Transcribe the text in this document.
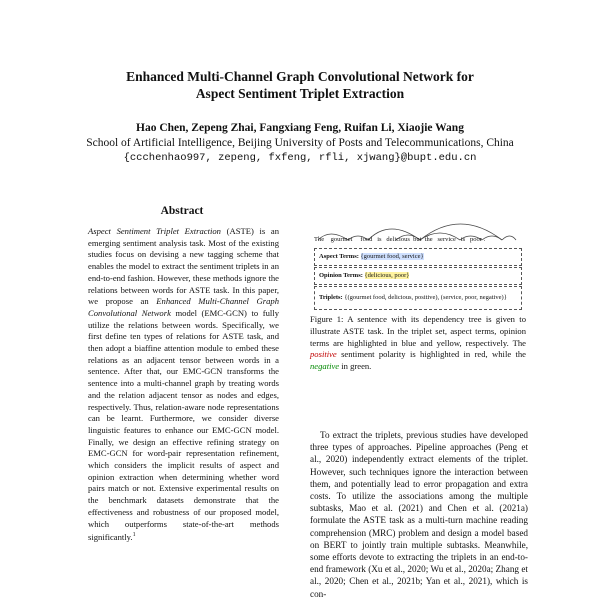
Enhanced Multi-Channel Graph Convolutional Network for
Aspect Sentiment Triplet Extraction
Hao Chen, Zepeng Zhai, Fangxiang Feng, Ruifan Li, Xiaojie Wang
School of Artificial Intelligence, Beijing University of Posts and Telecommunications, China
{ccchenhao997, zepeng, fxfeng, rfli, xjwang}@bupt.edu.cn
Abstract

Aspect Sentiment Triplet Extraction (ASTE) is an emerging sentiment analysis task. Most of the existing studies focus on devising a new tagging scheme that enables the model to extract the sentiment triplets in an end-to-end fashion. However, these methods ignore the relations between words for ASTE task. In this paper, we propose an Enhanced Multi-Channel Graph Convolutional Network model (EMC-GCN) to fully utilize the relations between words. Specifically, we first define ten types of relations for ASTE task, and then adopt a biaffine attention module to embed these relations as an adjacent tensor between words in a sentence. After that, our EMC-GCN transforms the sentence into a multi-channel graph by treating words and the relation adjacent tensor as nodes and edges, respectively. Thus, relation-aware node representations can be learnt. Furthermore, we consider diverse linguistic features to enhance our EMC-GCN model. Finally, we design an effective refining strategy on EMC-GCN for word-pair representation refinement, which considers the implicit results of aspect and opinion extraction when determining whether word pairs match or not. Extensive experimental results on the benchmark datasets demonstrate that the effectiveness and robustness of our proposed model, which outperforms state-of-the-art methods significantly.$^1$

The gourmet food is delicious but the service is poor .
Aspect Terms: {gourmet food, service}
Opinion Terms: {delicious, poor}
Triplets: {(gourmet food, delicious, positive), (service, poor, negative)}

Figure 1: A sentence with its dependency tree is given to illustrate ASTE task. In the triplet set, aspect terms, opinion terms are highlighted in blue and yellow, respectively. The positive sentiment polarity is highlighted in red, while the negative in green.

To extract the triplets, previous studies have developed three types of approaches. Pipeline approaches (Peng et al., 2020) independently extract elements of the triplet. However, such techniques ignore the interaction between them, and potentially lead to error propagation and extra costs. To utilize the associations among the multiple subtasks, Mao et al. (2021) and Chen et al. (2021a) formulate the ASTE task as a multi-turn machine reading comprehension (MRC) problem and design a model based on BERT to jointly train multiple subtasks. Meanwhile, some efforts devote to extracting the triplets in an end-to-end framework (Xu et al., 2020; Wu et al., 2020a; Zhang et al., 2020; Chen et al., 2021b; Yan et al., 2021), which is con-
